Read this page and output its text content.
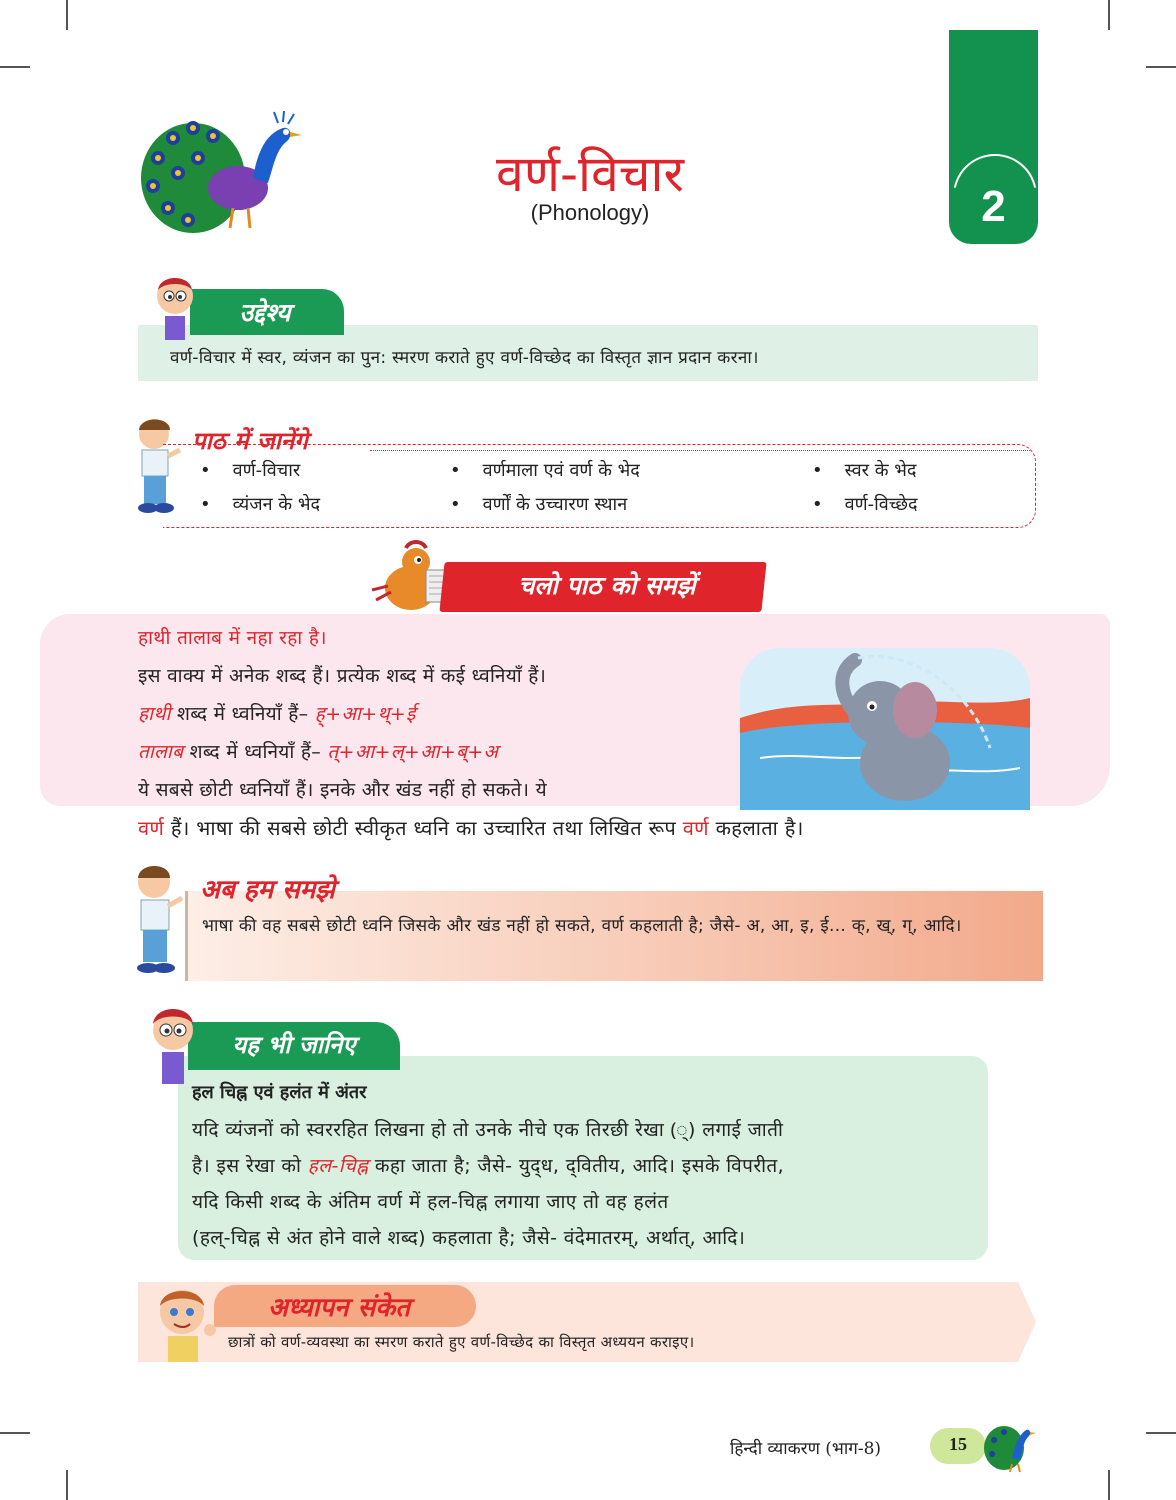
2
वर्ण-विचार
(Phonology)
उद्देश्य
वर्ण-विचार में स्वर, व्यंजन का पुन: स्मरण कराते हुए वर्ण-विच्छेद का विस्तृत ज्ञान प्रदान करना।
पाठ में जानेंगे
• वर्ण-विचार	• वर्णमाला एवं वर्ण के भेद	• स्वर के भेद
• व्यंजन के भेद	• वर्णों के उच्चारण स्थान	• वर्ण-विच्छेद
चलो पाठ को समझें
हाथी तालाब में नहा रहा है।
इस वाक्य में अनेक शब्द हैं। प्रत्येक शब्द में कई ध्वनियाँ हैं।
हाथी शब्द में ध्वनियाँ हैं– ह्+आ+थ्+ई
तालाब शब्द में ध्वनियाँ हैं– त्+आ+ल्+आ+ब्+अ
ये सबसे छोटी ध्वनियाँ हैं। इनके और खंड नहीं हो सकते। ये
वर्ण हैं। भाषा की सबसे छोटी स्वीकृत ध्वनि का उच्चारित तथा लिखित रूप वर्ण कहलाता है।
अब हम समझे
भाषा की वह सबसे छोटी ध्वनि जिसके और खंड नहीं हो सकते, वर्ण कहलाती है; जैसे- अ, आ, इ, ई... क्, ख्, ग्, आदि।
यह भी जानिए
हल चिह्न एवं हलंत में अंतर
यदि व्यंजनों को स्वररहित लिखना हो तो उनके नीचे एक तिरछी रेखा (्) लगाई जाती
है। इस रेखा को हल-चिह्न कहा जाता है; जैसे- युद्‌ध, द्‌वितीय, आदि। इसके विपरीत,
यदि किसी शब्द के अंतिम वर्ण में हल-चिह्न लगाया जाए तो वह हलंत
(हल्-चिह्न से अंत होने वाले शब्द) कहलाता है; जैसे- वंदेमातरम्, अर्थात्, आदि।
अध्यापन संकेत
छात्रों को वर्ण-व्यवस्था का स्मरण कराते हुए वर्ण-विच्छेद का विस्तृत अध्ययन कराइए।
हिन्दी व्याकरण (भाग-8)	15
